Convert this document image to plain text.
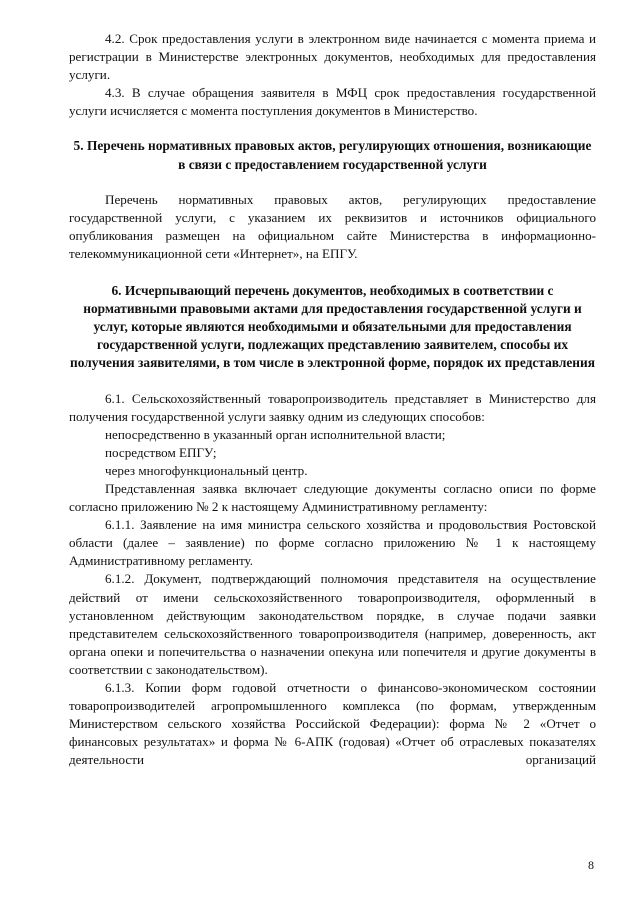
4.2. Срок предоставления услуги в электронном виде начинается с момента приема и регистрации в Министерстве электронных документов, необходимых для предоставления услуги.

4.3. В случае обращения заявителя в МФЦ срок предоставления государственной услуги исчисляется с момента поступления документов в Министерство.

5. Перечень нормативных правовых актов, регулирующих отношения, возникающие в связи с предоставлением государственной услуги

Перечень нормативных правовых актов, регулирующих предоставление государственной услуги, с указанием их реквизитов и источников официального опубликования размещен на официальном сайте Министерства в информационно-телекоммуникационной сети «Интернет», на ЕПГУ.

6. Исчерпывающий перечень документов, необходимых в соответствии с нормативными правовыми актами для предоставления государственной услуги и услуг, которые являются необходимыми и обязательными для предоставления государственной услуги, подлежащих представлению заявителем, способы их получения заявителями, в том числе в электронной форме, порядок их представления

6.1. Сельскохозяйственный товаропроизводитель представляет в Министерство для получения государственной услуги заявку одним из следующих способов:

непосредственно в указанный орган исполнительной власти;

посредством ЕПГУ;

через многофункциональный центр.

Представленная заявка включает следующие документы согласно описи по форме согласно приложению № 2 к настоящему Административному регламенту:

6.1.1. Заявление на имя министра сельского хозяйства и продовольствия Ростовской области (далее – заявление) по форме согласно приложению № 1 к настоящему Административному регламенту.

6.1.2. Документ, подтверждающий полномочия представителя на осуществление действий от имени сельскохозяйственного товаропроизводителя, оформленный в установленном действующим законодательством порядке, в случае подачи заявки представителем сельскохозяйственного товаропроизводителя (например, доверенность, акт органа опеки и попечительства о назначении опекуна или попечителя и другие документы в соответствии с законодательством).

6.1.3. Копии форм годовой отчетности о финансово-экономическом состоянии товаропроизводителей агропромышленного комплекса (по формам, утвержденным Министерством сельского хозяйства Российской Федерации): форма № 2 «Отчет о финансовых результатах» и форма № 6-АПК (годовая) «Отчет об отраслевых показателях деятельности организаций

8
